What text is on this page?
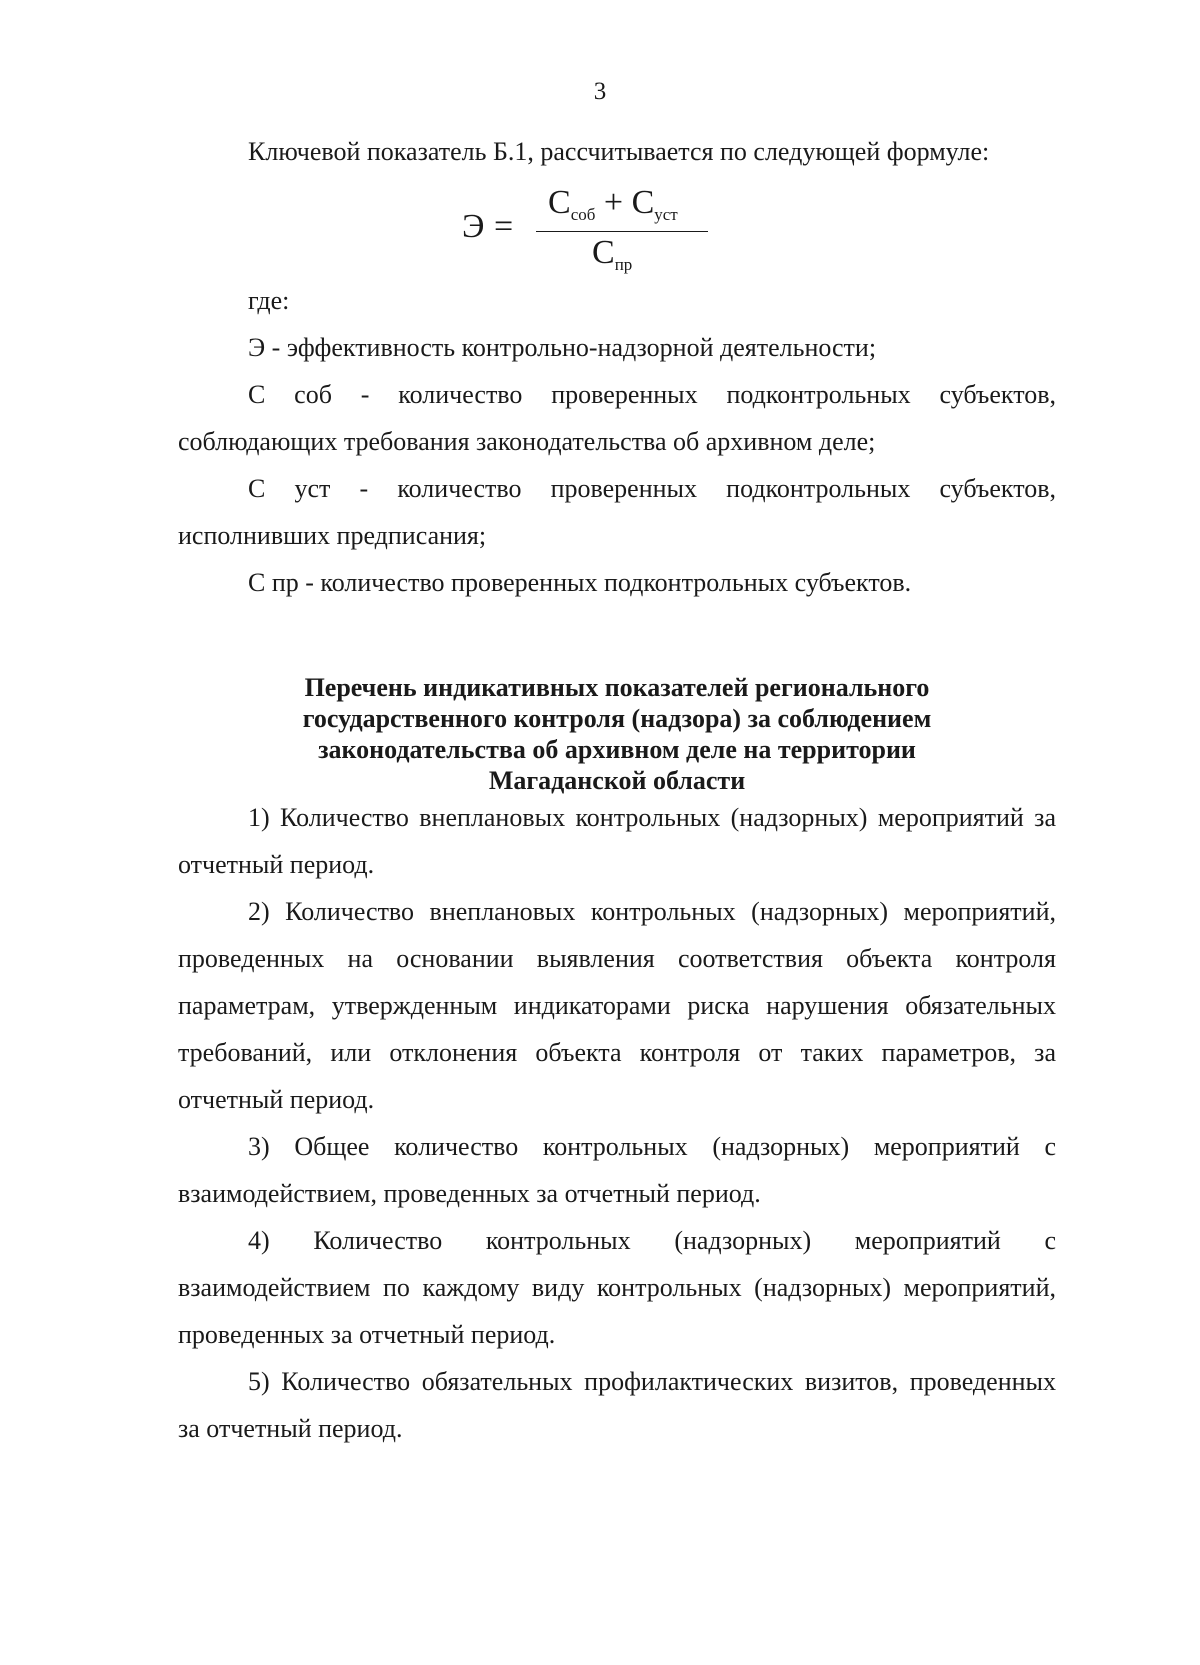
3

Ключевой показатель Б.1, рассчитывается по следующей формуле:

Э =
$С_{соб} + С_{уст}$
$С_{пр}$

где:

Э - эффективность контрольно-надзорной деятельности;

С соб - количество проверенных подконтрольных субъектов,

соблюдающих требования законодательства об архивном деле;

С уст - количество проверенных подконтрольных субъектов,

исполнивших предписания;

С пр - количество проверенных подконтрольных субъектов.

Перечень индикативных показателей регионального
государственного контроля (надзора) за соблюдением
законодательства об архивном деле на территории
Магаданской области

1) Количество внеплановых контрольных (надзорных) мероприятий за отчетный период.

2) Количество внеплановых контрольных (надзорных) мероприятий, проведенных на основании выявления соответствия объекта контроля параметрам, утвержденным индикаторами риска нарушения обязательных требований, или отклонения объекта контроля от таких параметров, за отчетный период.

3) Общее количество контрольных (надзорных) мероприятий с взаимодействием, проведенных за отчетный период.

4) Количество контрольных (надзорных) мероприятий с взаимодействием по каждому виду контрольных (надзорных) мероприятий, проведенных за отчетный период.

5) Количество обязательных профилактических визитов, проведенных за отчетный период.
